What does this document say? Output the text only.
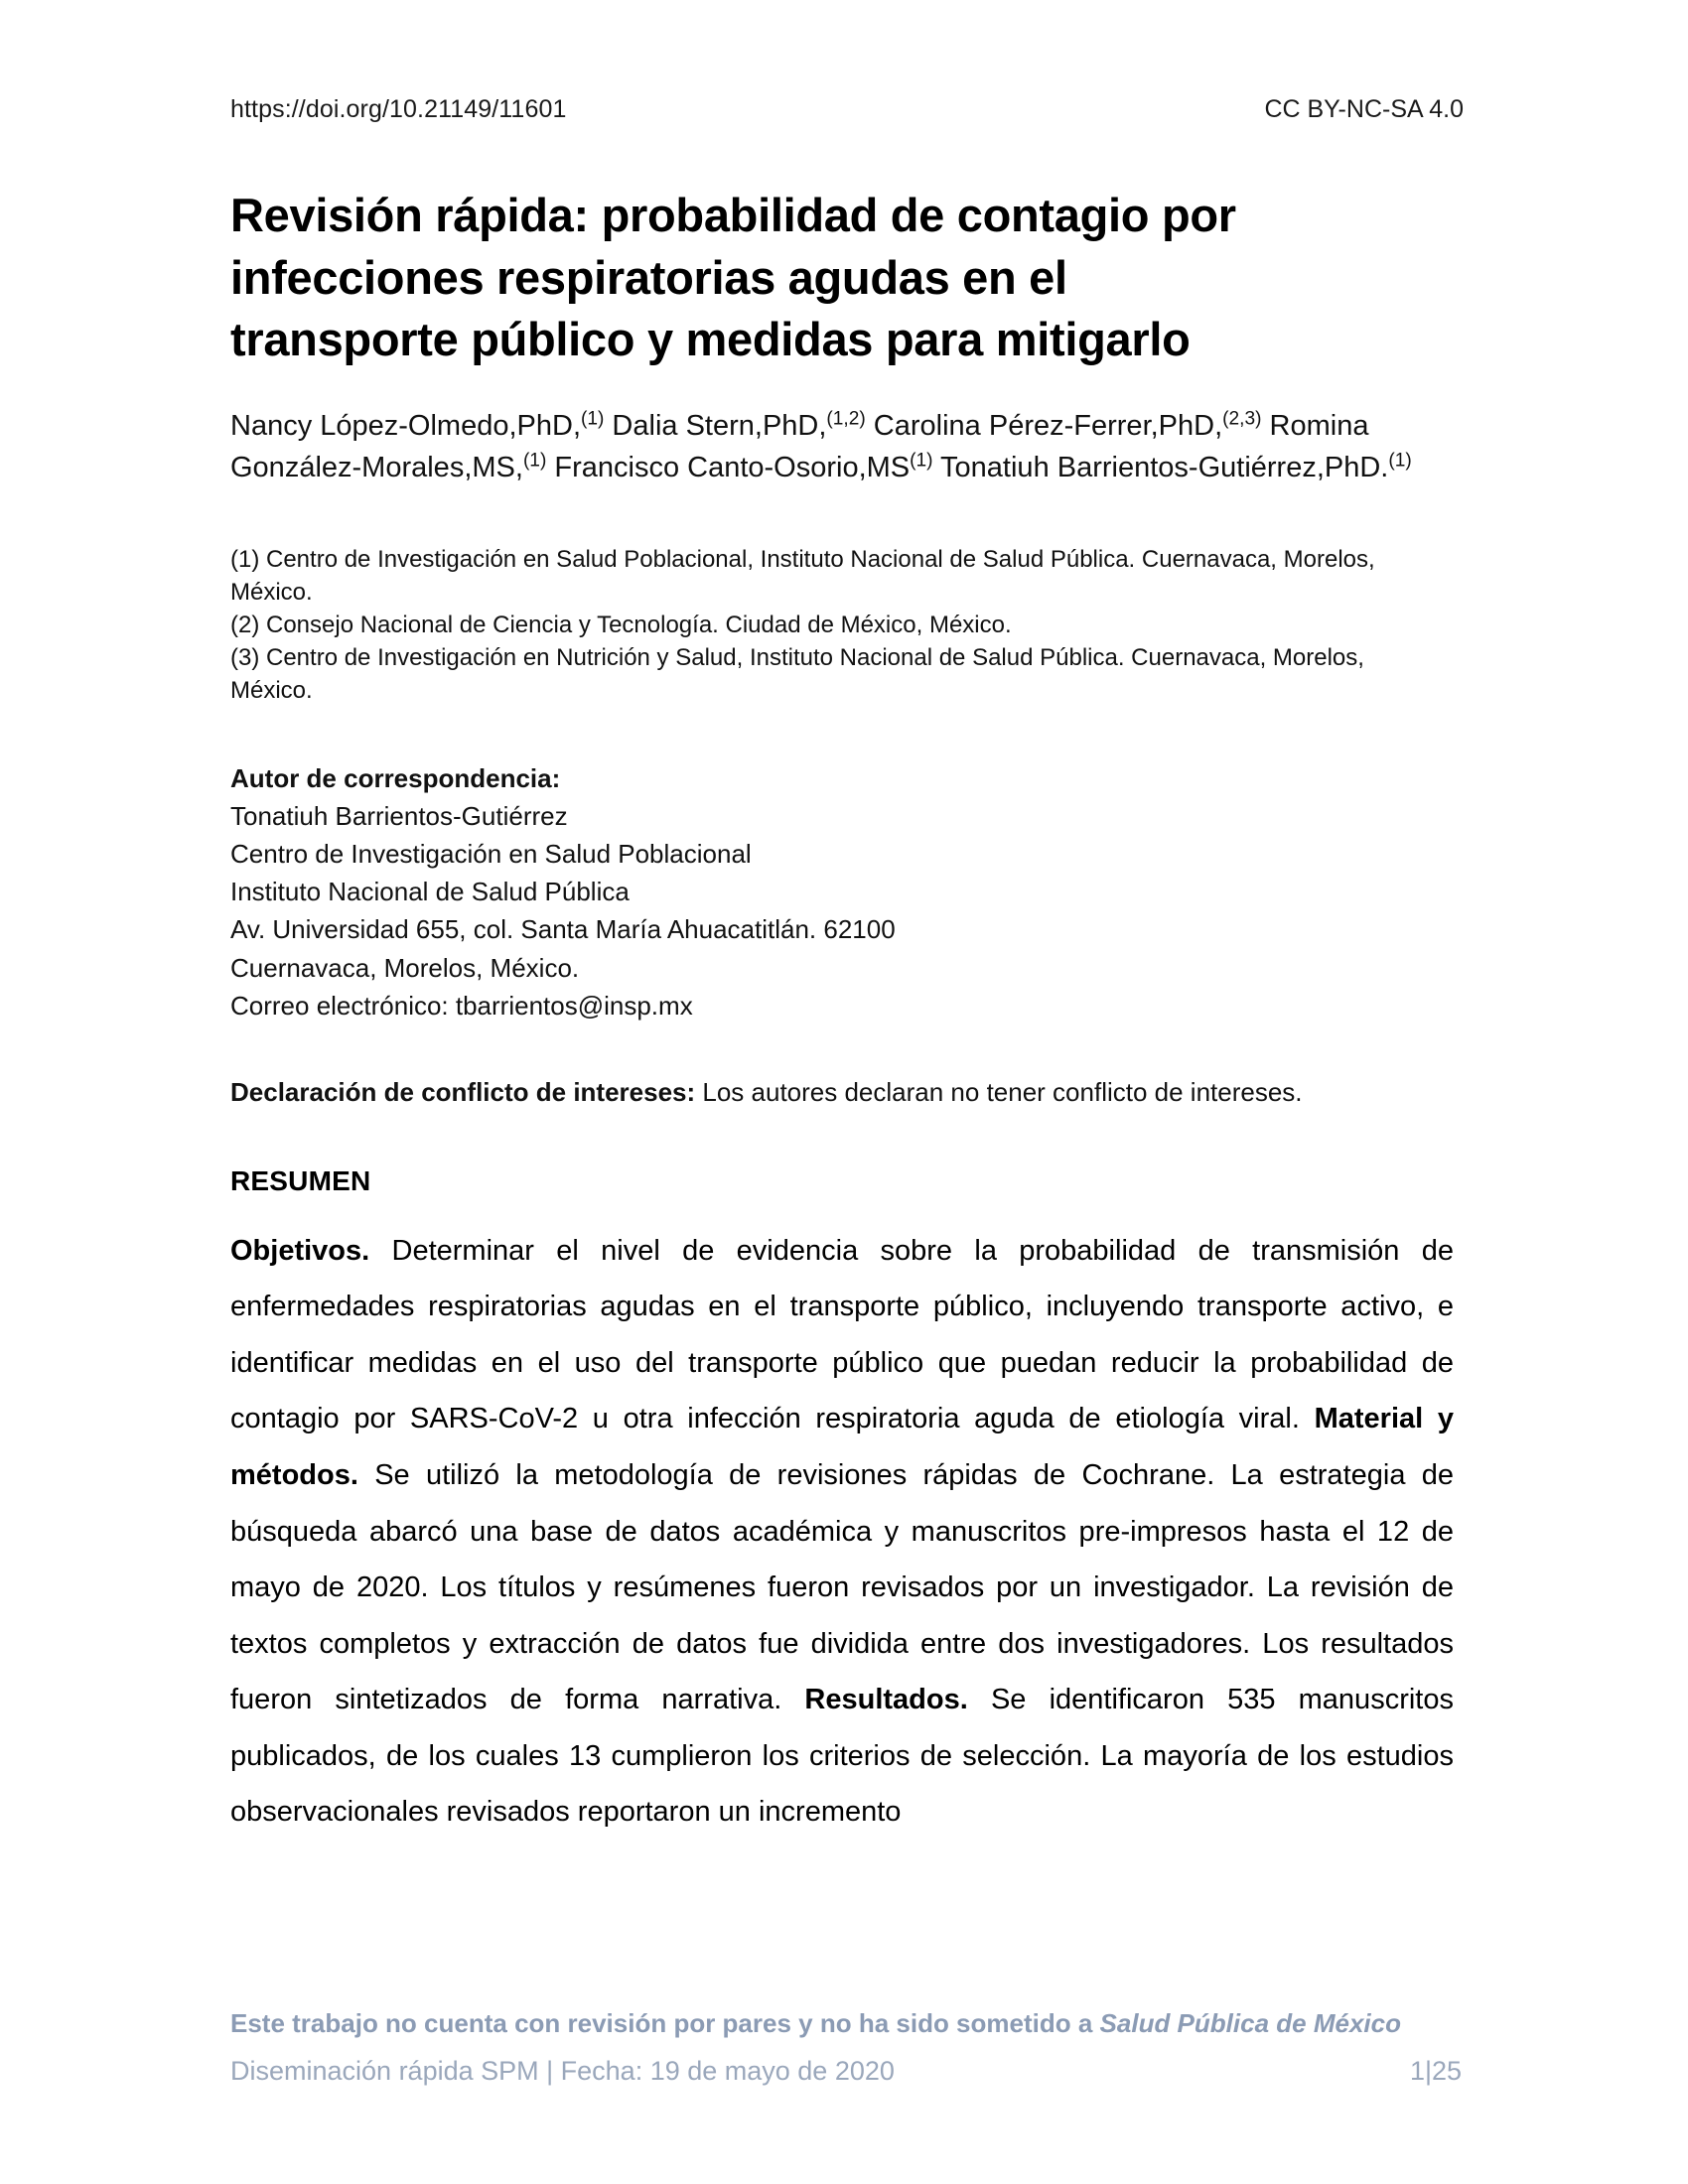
https://doi.org/10.21149/11601	CC BY-NC-SA 4.0
Revisión rápida: probabilidad de contagio por infecciones respiratorias agudas en el transporte público y medidas para mitigarlo
Nancy López-Olmedo,PhD,$^{(1)}$ Dalia Stern,PhD,$^{(1,2)}$ Carolina Pérez-Ferrer,PhD,$^{(2,3)}$ Romina González-Morales,MS,$^{(1)}$ Francisco Canto-Osorio,MS$^{(1)}$ Tonatiuh Barrientos-Gutiérrez,PhD.$^{(1)}$
(1) Centro de Investigación en Salud Poblacional, Instituto Nacional de Salud Pública. Cuernavaca, Morelos, México.
(2) Consejo Nacional de Ciencia y Tecnología. Ciudad de México, México.
(3) Centro de Investigación en Nutrición y Salud, Instituto Nacional de Salud Pública. Cuernavaca, Morelos, México.
Autor de correspondencia:
Tonatiuh Barrientos-Gutiérrez
Centro de Investigación en Salud Poblacional
Instituto Nacional de Salud Pública
Av. Universidad 655, col. Santa María Ahuacatitlán. 62100
Cuernavaca, Morelos, México.
Correo electrónico: tbarrientos@insp.mx
Declaración de conflicto de intereses: Los autores declaran no tener conflicto de intereses.
RESUMEN
Objetivos. Determinar el nivel de evidencia sobre la probabilidad de transmisión de enfermedades respiratorias agudas en el transporte público, incluyendo transporte activo, e identificar medidas en el uso del transporte público que puedan reducir la probabilidad de contagio por SARS-CoV-2 u otra infección respiratoria aguda de etiología viral. Material y métodos. Se utilizó la metodología de revisiones rápidas de Cochrane. La estrategia de búsqueda abarcó una base de datos académica y manuscritos pre-impresos hasta el 12 de mayo de 2020. Los títulos y resúmenes fueron revisados por un investigador. La revisión de textos completos y extracción de datos fue dividida entre dos investigadores. Los resultados fueron sintetizados de forma narrativa. Resultados. Se identificaron 535 manuscritos publicados, de los cuales 13 cumplieron los criterios de selección. La mayoría de los estudios observacionales revisados reportaron un incremento
Este trabajo no cuenta con revisión por pares y no ha sido sometido a Salud Pública de México
Diseminación rápida SPM | Fecha: 19 de mayo de 2020	1|25
